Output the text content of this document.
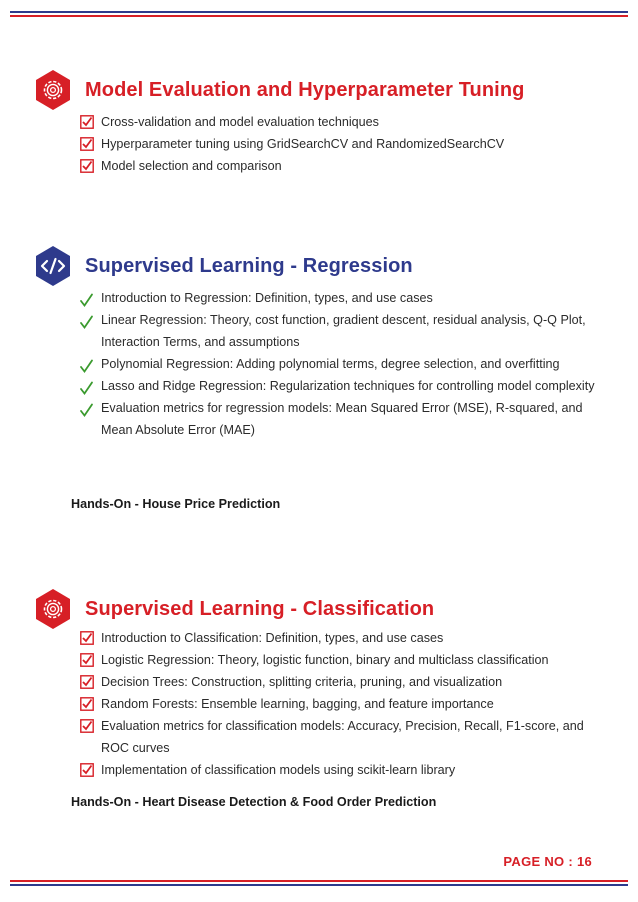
Model Evaluation and Hyperparameter Tuning
Cross-validation and model evaluation techniques
Hyperparameter tuning using GridSearchCV and RandomizedSearchCV
Model selection and comparison
Supervised Learning - Regression
Introduction to Regression: Definition, types, and use cases
Linear Regression: Theory, cost function, gradient descent, residual analysis, Q-Q Plot, Interaction Terms, and assumptions
Polynomial Regression: Adding polynomial terms, degree selection, and overfitting
Lasso and Ridge Regression: Regularization techniques for controlling model complexity
Evaluation metrics for regression models: Mean Squared Error (MSE), R-squared, and Mean Absolute Error (MAE)
Hands-On - House Price Prediction
Supervised Learning - Classification
Introduction to Classification: Definition, types, and use cases
Logistic Regression: Theory, logistic function, binary and multiclass classification
Decision Trees: Construction, splitting criteria, pruning, and visualization
Random Forests: Ensemble learning, bagging, and feature importance
Evaluation metrics for classification models: Accuracy, Precision, Recall, F1-score, and ROC curves
Implementation of classification models using scikit-learn library
Hands-On - Heart Disease Detection & Food Order Prediction
PAGE NO : 16
